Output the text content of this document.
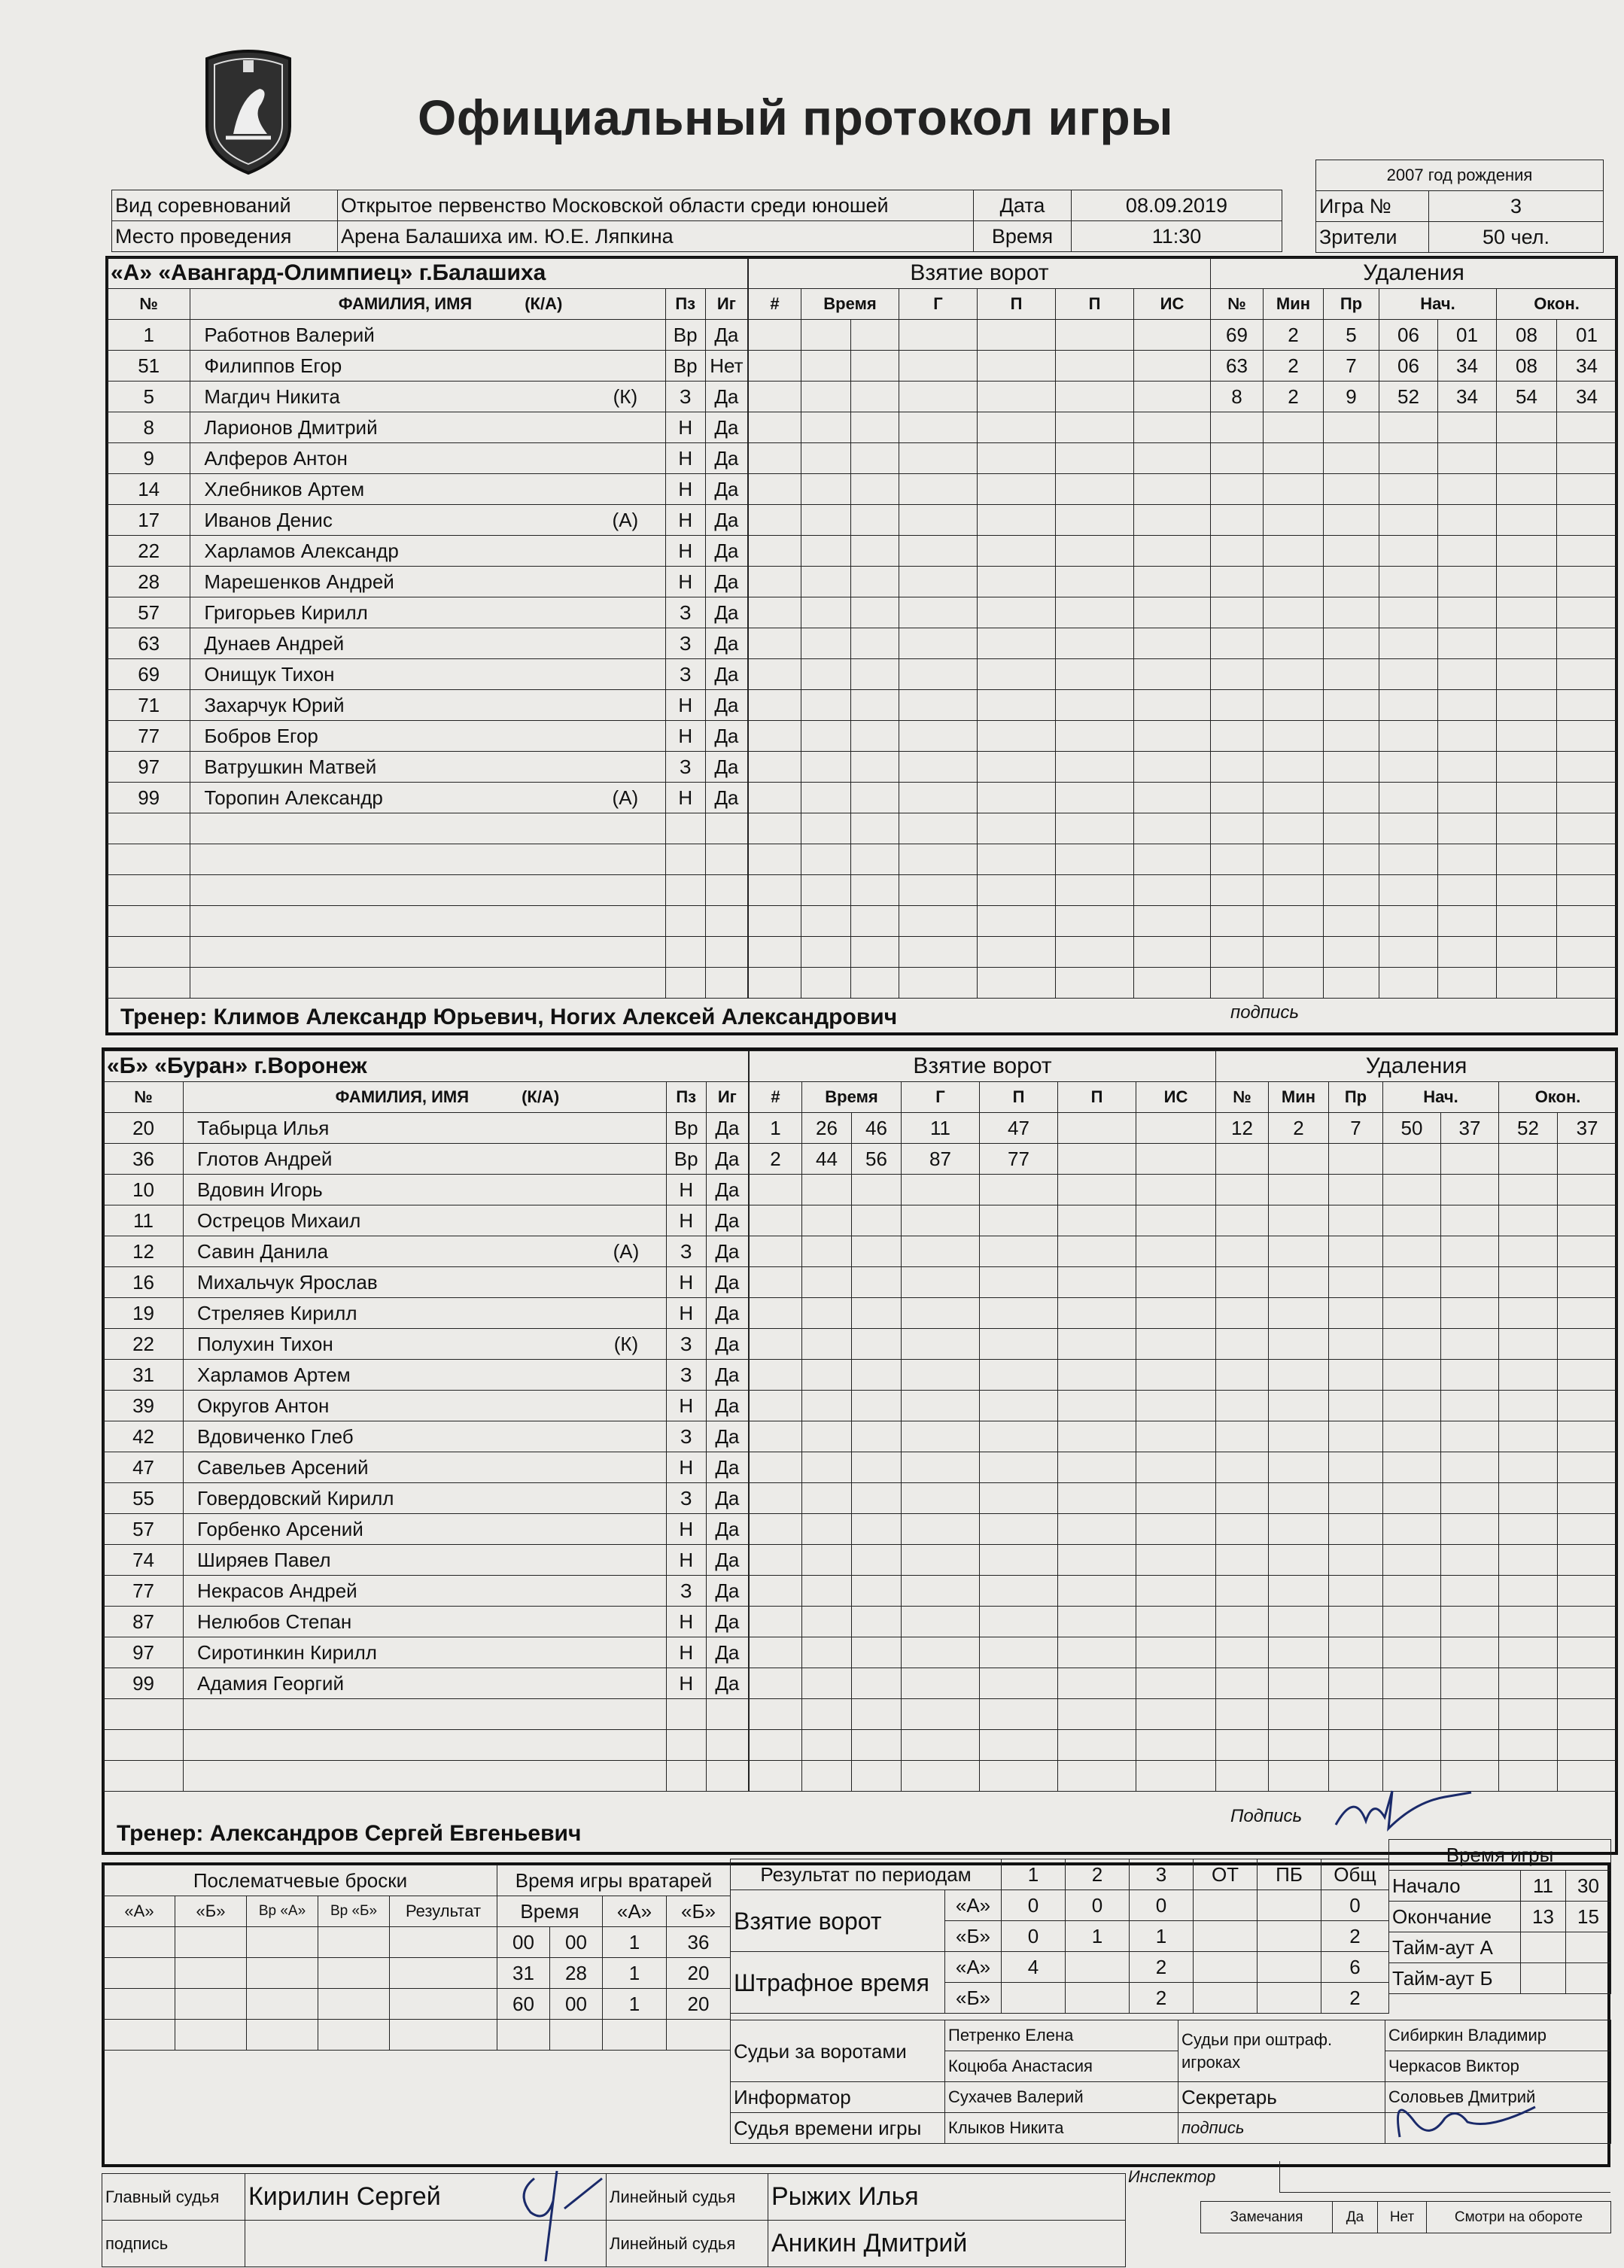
Официальный протокол игры
Вид соревнований	Открытое первенство Московской области среди юношей	Дата	08.09.2019	
Место проведения	Арена Балашиха им. Ю.Е. Ляпкина	Время	11:30	
2007 год рождения	
Игра №	3
Зрители	50 чел.
«А» «Авангард-Олимпиец» г.Балашиха				
№	ФАМИЛИЯ, ИМЯ (К/А)		Пз	Иг
1	Работнов Валерий		Вр	Да
51	Филиппов Егор		Вр	Нет
5	Магдич Никита	(К)	З	Да
8	Ларионов Дмитрий		Н	Да
9	Алферов Антон		Н	Да
14	Хлебников Артем		Н	Да
17	Иванов Денис	(А)	Н	Да
22	Харламов Александр		Н	Да
28	Марешенков Андрей		Н	Да
57	Григорьев Кирилл		З	Да
63	Дунаев Андрей		З	Да
69	Онищук Тихон		З	Да
71	Захарчук Юрий		Н	Да
77	Бобров Егор		Н	Да
97	Ватрушкин Матвей		З	Да
99	Торопин Александр	(А)	Н	Да

Взятие ворот						
#	Время		Г	П	П	ИС

Удаления						
№	Мин	Пр	Нач.		Окон.	
69	2	5	06	01	08	01
63	2	7	06	34	08	34
8	2	9	52	34	54	34

Тренер: Климов Александр Юрьевич, Ногих Алексей Александрович	подпись
«Б» «Буран» г.Воронеж				
№	ФАМИЛИЯ, ИМЯ (К/А)		Пз	Иг
20	Табырца Илья		Вр	Да
36	Глотов Андрей		Вр	Да
10	Вдовин Игорь		Н	Да
11	Острецов Михаил		Н	Да
12	Савин Данила	(А)	З	Да
16	Михальчук Ярослав		Н	Да
19	Стреляев Кирилл		Н	Да
22	Полухин Тихон	(К)	З	Да
31	Харламов Артем		З	Да
39	Округов Антон		Н	Да
42	Вдовиченко Глеб		З	Да
47	Савельев Арсений		Н	Да
55	Говердовский Кирилл		З	Да
57	Горбенко Арсений		Н	Да
74	Ширяев Павел		Н	Да
77	Некрасов Андрей		З	Да
87	Нелюбов Степан		Н	Да
97	Сиротинкин Кирилл		Н	Да
99	Адамия Георгий		Н	Да

Взятие ворот						
#	Время		Г	П	П	ИС
1	26	46	11	47		
2	44	56	87	77		

Удаления						
№	Мин	Пр	Нач.		Окон.	
12	2	7	50	37	52	37

Тренер: Александров Сергей Евгеньевич
Подпись
Послематчевые броски				
«А»	«Б»	Вр «А»	Вр «Б»	Результат

Время игры вратарей			
Время		«А»	«Б»
00	00	1	36
31	28	1	20
60	00	1	20

Результат по периодам		1	2	3	ОТ	ПБ	Общ
Взятие ворот	«А»	0	0	0			0
	«Б»	0	1	1			2
Штрафное время	«А»	4		2			6
	«Б»			2			2
Время игры		
Начало	11	30
Окончание	13	15
Тайм-аут А		
Тайм-аут Б		
Судьи за воротами	Петренко Елена	Судьи при оштраф. игроках	Сибиркин Владимир
	Коцюба Анастасия		Черкасов Виктор
Информатор	Сухачев Валерий	Секретарь	Соловьев Дмитрий
Судья времени игры	Клыков Никита	подпись	
Главный судья	Кирилин Сергей	Линейный судья	Рыжих Илья
подпись		Линейный судья	Аникин Дмитрий
Инспектор	
Замечания	Да	Нет	Смотри на обороте
